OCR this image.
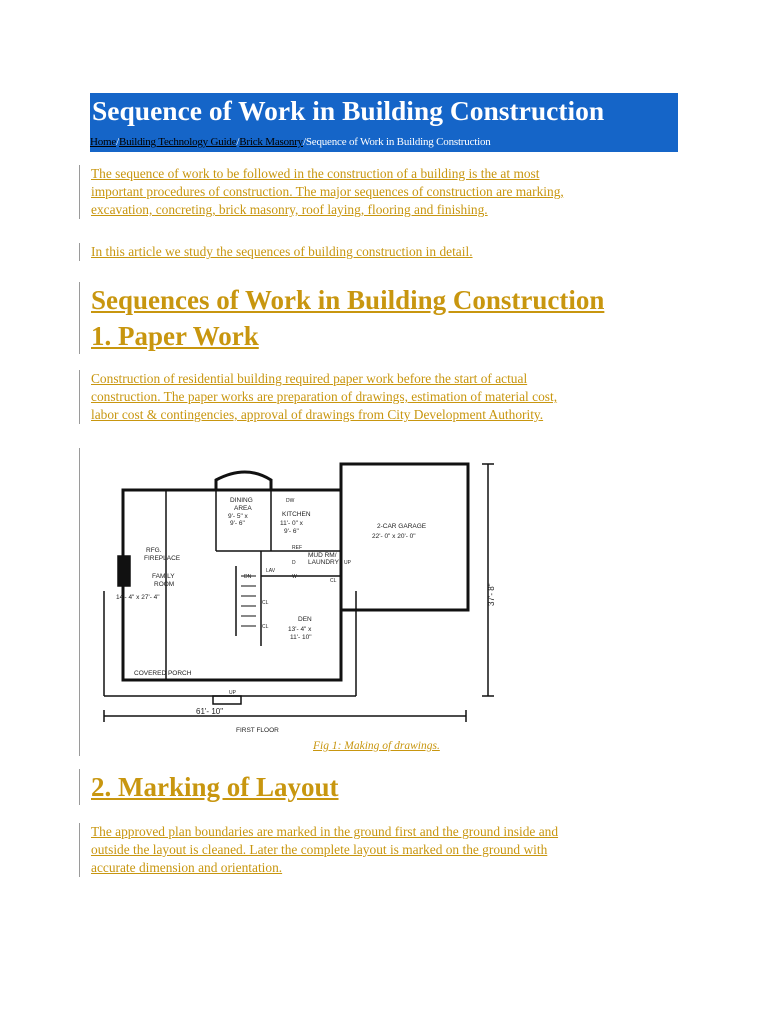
Sequence of Work in Building Construction
Home/Building Technology Guide/Brick Masonry/Sequence of Work in Building Construction

The sequence of work to be followed in the construction of a building is the at most

important procedures of construction. The major sequences of construction are marking,

excavation, concreting, brick masonry, roof laying, flooring and finishing.

In this article we study the sequences of building construction in detail.

Sequences of Work in Building Construction

1. Paper Work

Construction of residential building required paper work before the start of actual

construction. The paper works are preparation of drawings, estimation of material cost,

labor cost & contingencies, approval of drawings from City Development Authority.

DINING
AREA
9'- 5" x
9'- 6"
KITCHEN
11'- 0" x
9'- 6"
2-CAR GARAGE
22'- 0" x 20'- 0"
RFG.
FIREPLACE
FAMILY
ROOM
14'- 4" x 27'- 4"
MUD RM/
LAUNDRY
DEN
13'- 4" x
11'- 10"
COVERED PORCH
61'- 10"
FIRST FLOOR
UP
UP
DN
CL
CL
CL
DW
REF
D
W
LAV
37'- 8"
Fig 1: Making of drawings.

2. Marking of Layout

The approved plan boundaries are marked in the ground first and the ground inside and

outside the layout is cleaned. Later the complete layout is marked on the ground with

accurate dimension and orientation.
